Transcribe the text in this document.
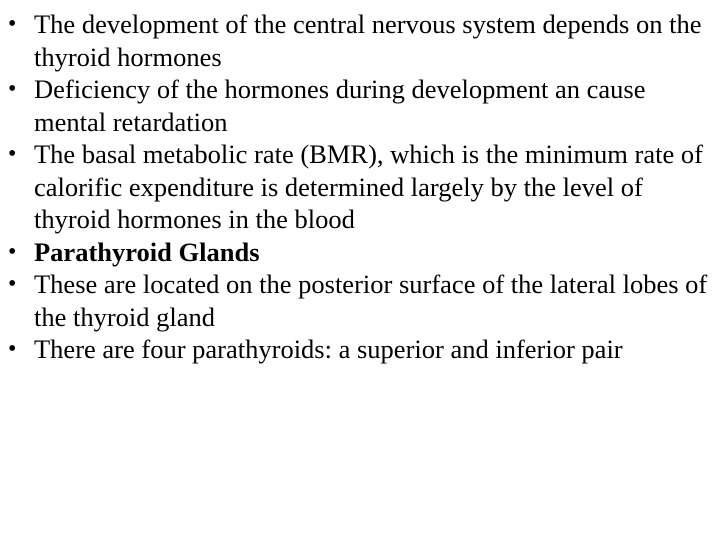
• The development of the central nervous system depends on the thyroid hormones
• Deficiency of the hormones during development an cause mental retardation
• The basal metabolic rate (BMR), which is the minimum rate of calorific expenditure is determined largely by the level of thyroid hormones in the blood
• Parathyroid Glands
• These are located on the posterior surface of the lateral lobes of the thyroid gland
• There are four parathyroids: a superior and inferior pair
